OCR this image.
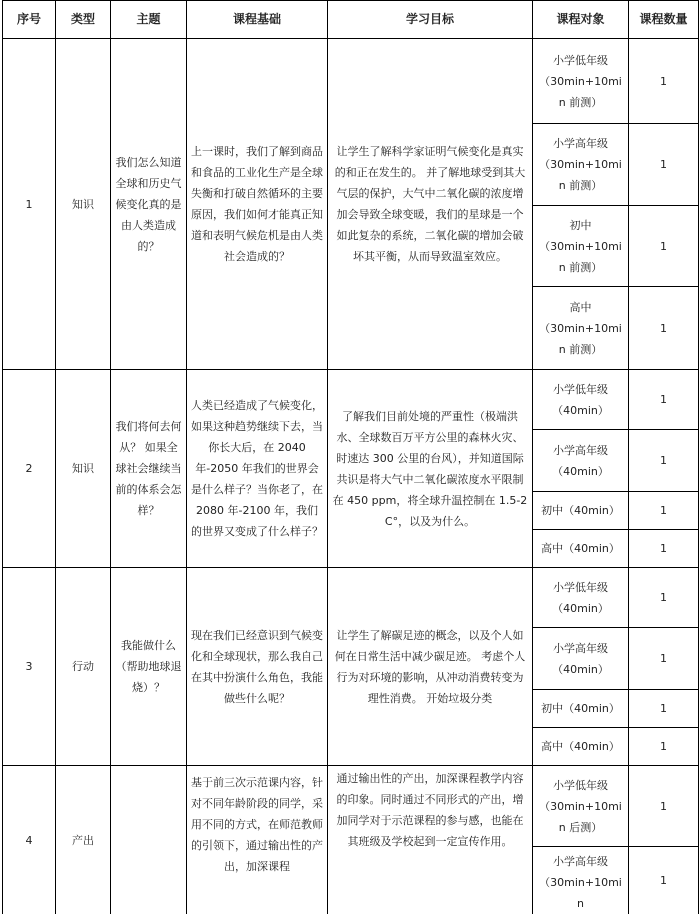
序号	类型	主题	课程基础	学习目标	课程对象	课程数量
1	知识	我们怎么知道全球和历史气候变化真的是由人类造成的？	上一课时，我们了解到商品和食品的工业化生产是全球失衡和打破自然循环的主要原因，我们如何才能真正知道和表明气候危机是由人类社会造成的？	让学生了解科学家证明气候变化是真实的和正在发生的。 并了解地球受到其大气层的保护，大气中二氧化碳的浓度增加会导致全球变暖，我们的星球是一个如此复杂的系统，二氧化碳的增加会破坏其平衡，从而导致温室效应。	小学低年级（30min+10min 前测）	1
					小学高年级（30min+10min 前测）	1
					初中（30min+10min 前测）	1
					高中（30min+10min 前测）	1
2	知识	我们将何去何从？ 如果全球社会继续当前的体系会怎样？	人类已经造成了气候变化，如果这种趋势继续下去，当你长大后，在 2040 年-2050 年我们的世界会是什么样子？当你老了，在 2080 年-2100 年，我们的世界又变成了什么样子？	了解我们目前处境的严重性（极端洪水、全球数百万平方公里的森林火灾、时速达 300 公里的台风），并知道国际共识是将大气中二氧化碳浓度水平限制在 450 ppm，将全球升温控制在 1.5-2 C°，以及为什么。	小学低年级（40min）	1
					小学高年级（40min）	1
					初中（40min）	1
					高中（40min）	1
3	行动	我能做什么（帮助地球退烧）？	现在我们已经意识到气候变化和全球现状，那么我自己在其中扮演什么角色，我能做些什么呢？	让学生了解碳足迹的概念，以及个人如何在日常生活中减少碳足迹。 考虑个人行为对环境的影响，从冲动消费转变为理性消费。 开始垃圾分类	小学低年级（40min）	1
					小学高年级（40min）	1
					初中（40min）	1
					高中（40min）	1
4	产出		基于前三次示范课内容，针对不同年龄阶段的同学，采用不同的方式，在师范教师的引领下，通过输出性的产出，加深课程	通过输出性的产出，加深课程教学内容的印象。同时通过不同形式的产出，增加同学对于示范课程的参与感，也能在其班级及学校起到一定宣传作用。	小学低年级（30min+10min 后测）	1
					小学高年级（30min+10min	1
